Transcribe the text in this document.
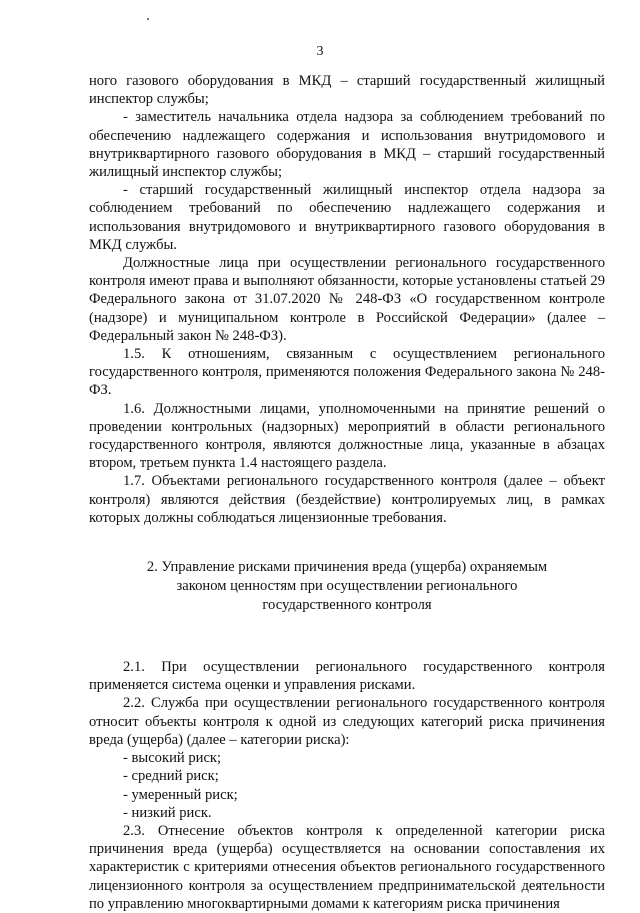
3

ного газового оборудования в МКД – старший государственный жилищный инспектор службы;

- заместитель начальника отдела надзора за соблюдением требований по обеспечению надлежащего содержания и использования внутридомового и внутриквартирного газового оборудования в МКД – старший государственный жилищный инспектор службы;

- старший государственный жилищный инспектор отдела надзора за соблюдением требований по обеспечению надлежащего содержания и использования внутридомового и внутриквартирного газового оборудования в МКД службы.

Должностные лица при осуществлении регионального государственного контроля имеют права и выполняют обязанности, которые установлены статьей 29 Федерального закона от 31.07.2020 № 248-ФЗ «О государственном контроле (надзоре) и муниципальном контроле в Российской Федерации» (далее – Федеральный закон № 248-ФЗ).

1.5. К отношениям, связанным с осуществлением регионального государственного контроля, применяются положения Федерального закона № 248-ФЗ.

1.6. Должностными лицами, уполномоченными на принятие решений о проведении контрольных (надзорных) мероприятий в области регионального государственного контроля, являются должностные лица, указанные в абзацах втором, третьем пункта 1.4 настоящего раздела.

1.7. Объектами регионального государственного контроля (далее – объект контроля) являются действия (бездействие) контролируемых лиц, в рамках которых должны соблюдаться лицензионные требования.

2. Управление рисками причинения вреда (ущерба) охраняемым
законом ценностям при осуществлении регионального
государственного контроля

2.1. При осуществлении регионального государственного контроля применяется система оценки и управления рисками.

2.2. Служба при осуществлении регионального государственного контроля относит объекты контроля к одной из следующих категорий риска причинения вреда (ущерба) (далее – категории риска):

- высокий риск;
- средний риск;
- умеренный риск;
- низкий риск.

2.3. Отнесение объектов контроля к определенной категории риска причинения вреда (ущерба) осуществляется на основании сопоставления их характеристик с критериями отнесения объектов регионального государственного лицензионного контроля за осуществлением предпринимательской деятельности по управлению многоквартирными домами к категориям риска причинения
